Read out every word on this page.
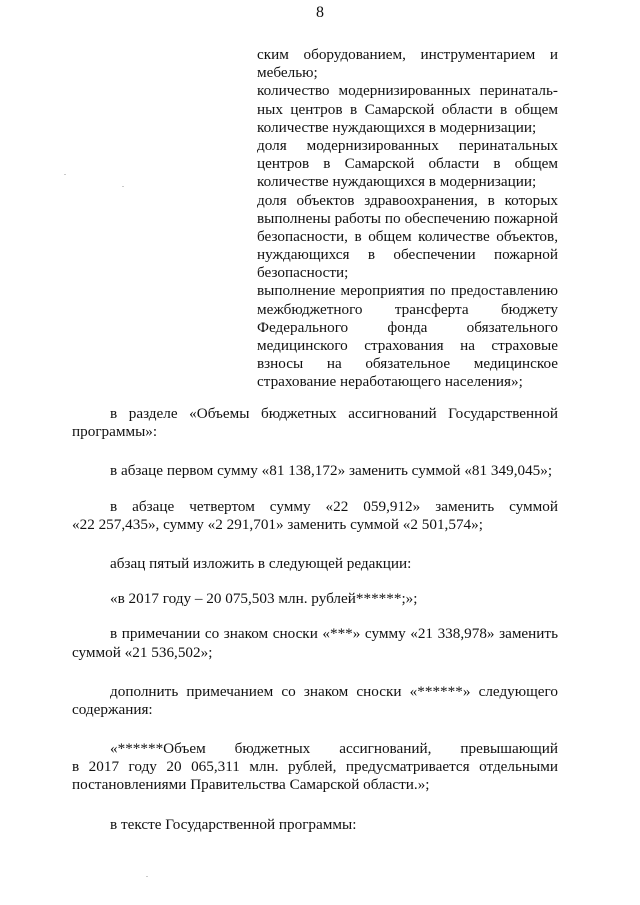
8
ским оборудованием, инструментарием и
мебелью;
количество модернизированных перинаталь-
ных центров в Самарской области в общем
количестве нуждающихся в модернизации;
доля модернизированных перинатальных
центров в Самарской области в общем
количестве нуждающихся в модернизации;
доля объектов здравоохранения, в которых
выполнены работы по обеспечению пожарной
безопасности, в общем количестве объектов,
нуждающихся в обеспечении пожарной
безопасности;
выполнение мероприятия по предоставлению
межбюджетного трансферта бюджету
Федерального фонда обязательного
медицинского страхования на страховые
взносы на обязательное медицинское
страхование неработающего населения»;
в разделе «Объемы бюджетных ассигнований Государственной
программы»:
в абзаце первом сумму «81 138,172» заменить суммой «81 349,045»;
в абзаце четвертом сумму «22 059,912» заменить суммой
«22 257,435», сумму «2 291,701» заменить суммой «2 501,574»;
абзац пятый изложить в следующей редакции:
«в 2017 году – 20 075,503 млн. рублей******;»;
в примечании со знаком сноски «***» сумму «21 338,978» заменить
суммой «21 536,502»;
дополнить примечанием со знаком сноски «******» следующего
содержания:
«******Объем бюджетных ассигнований, превышающий
в 2017 году 20 065,311 млн. рублей, предусматривается отдельными
постановлениями Правительства Самарской области.»;
в тексте Государственной программы:
